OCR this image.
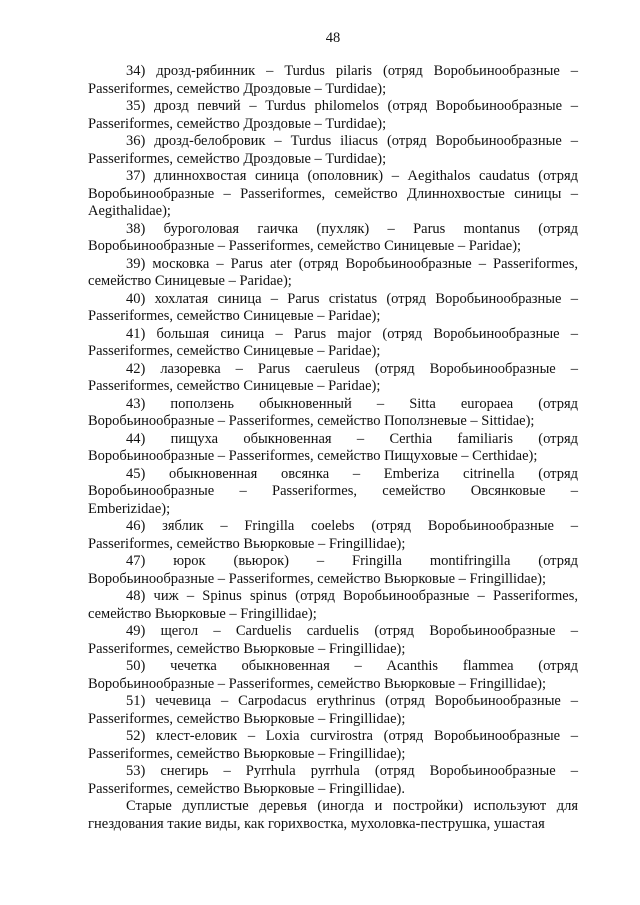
48

34) дрозд-рябинник – Turdus pilaris (отряд Воробьинообразные –
Passeriformes, семейство Дроздовые – Turdidae);

35) дрозд певчий – Turdus philomelos (отряд Воробьинообразные –
Passeriformes, семейство Дроздовые – Turdidae);

36) дрозд-белобровик – Turdus iliacus (отряд Воробьинообразные –
Passeriformes, семейство Дроздовые – Turdidae);

37) длиннохвостая синица (ополовник) – Aegithalos caudatus (отряд
Воробьинообразные – Passeriformes, семейство Длиннохвостые синицы –
Aegithalidae);

38) буроголовая гаичка (пухляк) – Parus montanus (отряд
Воробьинообразные – Passeriformes, семейство Синицевые – Paridae);

39) московка – Parus ater (отряд Воробьинообразные – Passeriformes,
семейство Синицевые – Paridae);

40) хохлатая синица – Parus cristatus (отряд Воробьинообразные –
Passeriformes, семейство Синицевые – Paridae);

41) большая синица – Parus major (отряд Воробьинообразные –
Passeriformes, семейство Синицевые – Paridae);

42) лазоревка – Parus caeruleus (отряд Воробьинообразные –
Passeriformes, семейство Синицевые – Paridae);

43) поползень обыкновенный – Sitta europaea (отряд
Воробьинообразные – Passeriformes, семейство Поползневые – Sittidae);

44) пищуха обыкновенная – Certhia familiaris (отряд
Воробьинообразные – Passeriformes, семейство Пищуховые – Certhidae);

45) обыкновенная овсянка – Emberiza citrinella (отряд
Воробьинообразные – Passeriformes, семейство Овсянковые –
Emberizidae);

46) зяблик – Fringilla coelebs (отряд Воробьинообразные –
Passeriformes, семейство Вьюрковые – Fringillidae);

47) юрок (вьюрок) – Fringilla montifringilla (отряд
Воробьинообразные – Passeriformes, семейство Вьюрковые – Fringillidae);

48) чиж – Spinus spinus (отряд Воробьинообразные – Passeriformes,
семейство Вьюрковые – Fringillidae);

49) щегол – Carduelis carduelis (отряд Воробьинообразные –
Passeriformes, семейство Вьюрковые – Fringillidae);

50) чечетка обыкновенная – Acanthis flammea (отряд
Воробьинообразные – Passeriformes, семейство Вьюрковые – Fringillidae);

51) чечевица – Carpodacus erythrinus (отряд Воробьинообразные –
Passeriformes, семейство Вьюрковые – Fringillidae);

52) клест-еловик – Loxia curvirostra (отряд Воробьинообразные –
Passeriformes, семейство Вьюрковые – Fringillidae);

53) снегирь – Pyrrhula pyrrhula (отряд Воробьинообразные –
Passeriformes, семейство Вьюрковые – Fringillidae).

Старые дуплистые деревья (иногда и постройки) используют для
гнездования такие виды, как горихвостка, мухоловка-пеструшка, ушастая
